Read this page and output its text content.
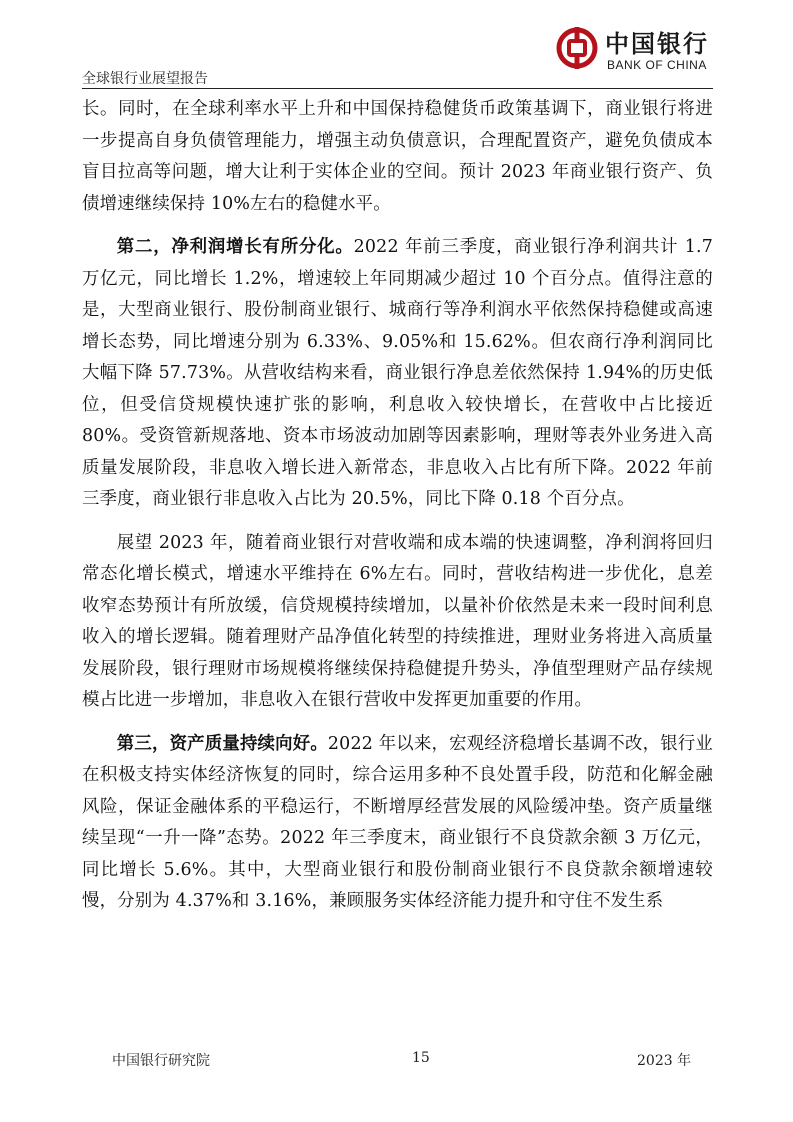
全球银行业展望报告
中国银行
BANK OF CHINA

长。同时，在全球利率水平上升和中国保持稳健货币政策基调下，商业银行将进一步提高自身负债管理能力，增强主动负债意识，合理配置资产，避免负债成本盲目拉高等问题，增大让利于实体企业的空间。预计 2023 年商业银行资产、负债增速继续保持 10%左右的稳健水平。

第二，净利润增长有所分化。2022 年前三季度，商业银行净利润共计 1.7 万亿元，同比增长 1.2%，增速较上年同期减少超过 10 个百分点。值得注意的是，大型商业银行、股份制商业银行、城商行等净利润水平依然保持稳健或高速增长态势，同比增速分别为 6.33%、9.05%和 15.62%。但农商行净利润同比大幅下降 57.73%。从营收结构来看，商业银行净息差依然保持 1.94%的历史低位，但受信贷规模快速扩张的影响，利息收入较快增长，在营收中占比接近 80%。受资管新规落地、资本市场波动加剧等因素影响，理财等表外业务进入高质量发展阶段，非息收入增长进入新常态，非息收入占比有所下降。2022 年前三季度，商业银行非息收入占比为 20.5%，同比下降 0.18 个百分点。

展望 2023 年，随着商业银行对营收端和成本端的快速调整，净利润将回归常态化增长模式，增速水平维持在 6%左右。同时，营收结构进一步优化，息差收窄态势预计有所放缓，信贷规模持续增加，以量补价依然是未来一段时间利息收入的增长逻辑。随着理财产品净值化转型的持续推进，理财业务将进入高质量发展阶段，银行理财市场规模将继续保持稳健提升势头，净值型理财产品存续规模占比进一步增加，非息收入在银行营收中发挥更加重要的作用。

第三，资产质量持续向好。2022 年以来，宏观经济稳增长基调不改，银行业在积极支持实体经济恢复的同时，综合运用多种不良处置手段，防范和化解金融风险，保证金融体系的平稳运行，不断增厚经营发展的风险缓冲垫。资产质量继续呈现“一升一降”态势。2022 年三季度末，商业银行不良贷款余额 3 万亿元，同比增长 5.6%。其中，大型商业银行和股份制商业银行不良贷款余额增速较慢，分别为 4.37%和 3.16%，兼顾服务实体经济能力提升和守住不发生系

中国银行研究院	15	2023 年
